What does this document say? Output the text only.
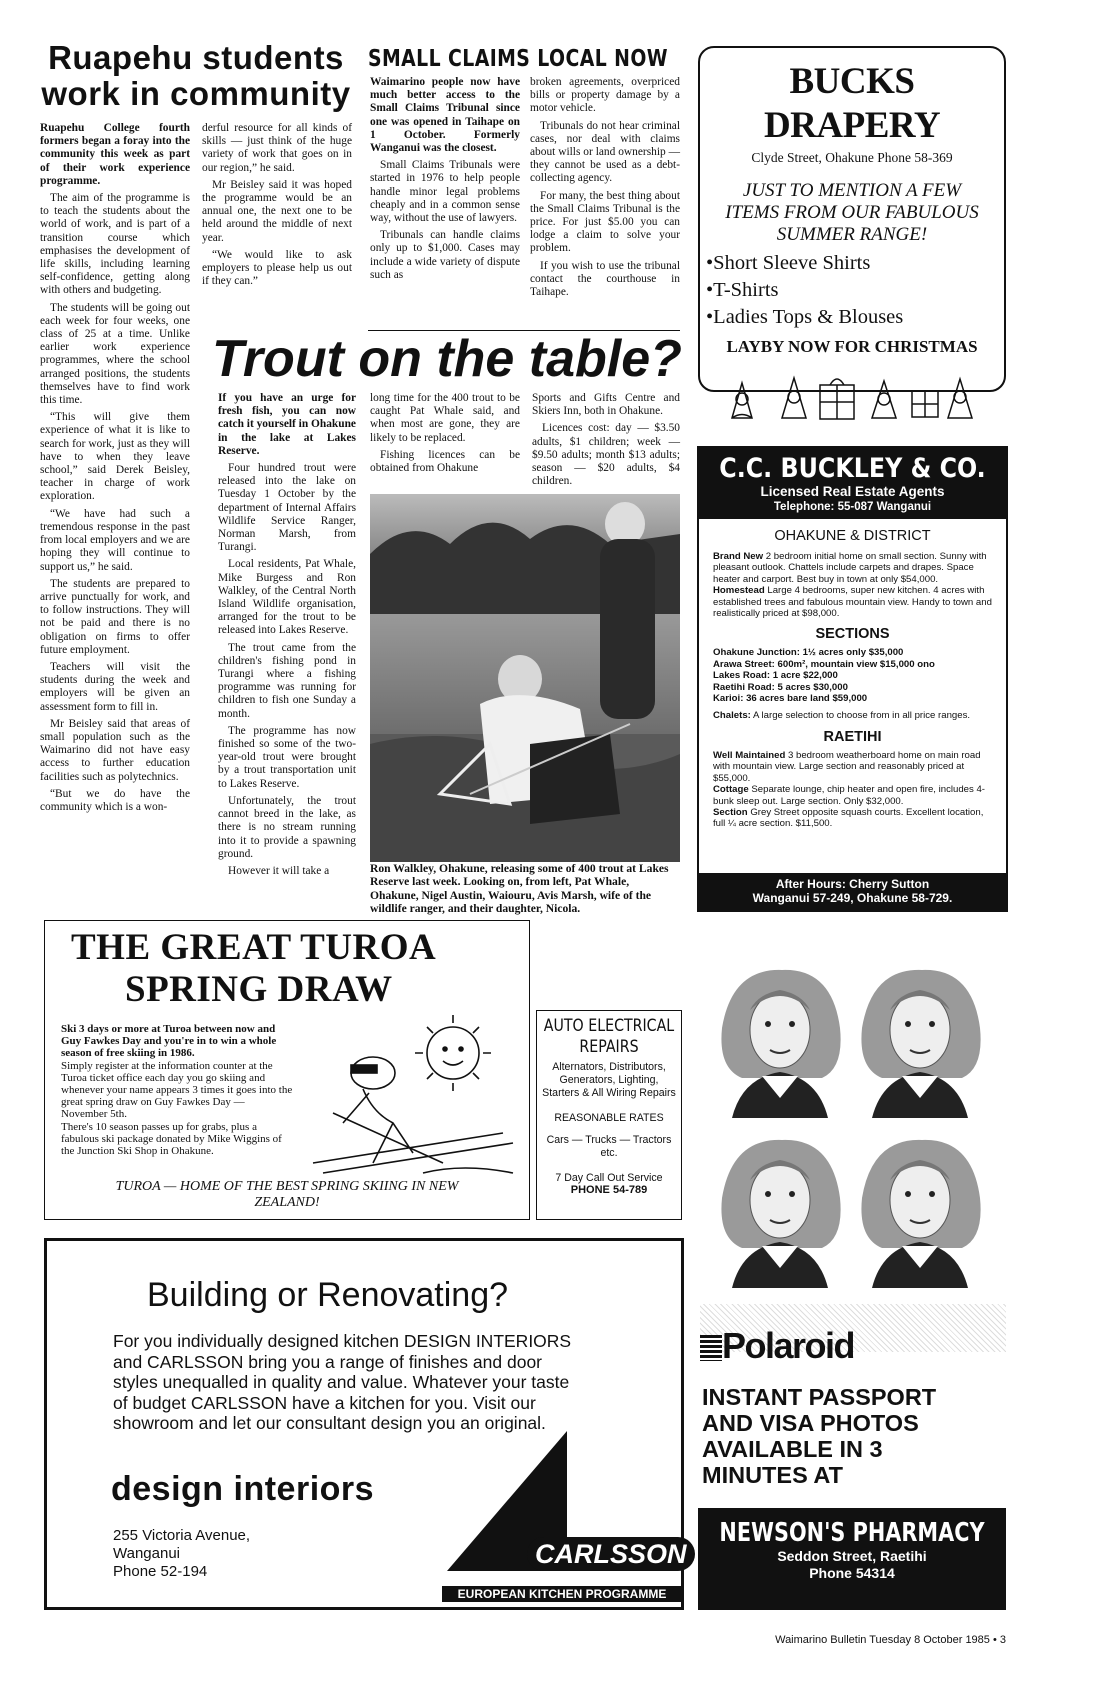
Ruapehu students
work in community

Ruapehu College fourth formers began a foray into the community this week as part of their work experience programme.

The aim of the programme is to teach the students about the world of work, and is part of a transition course which emphasises the development of life skills, including learning self-confidence, getting along with others and budgeting.

The students will be going out each week for four weeks, one class of 25 at a time. Unlike earlier work experience programmes, where the school arranged positions, the students themselves have to find work this time.

“This will give them experience of what it is like to search for work, just as they will have to when they leave school,” said Derek Beisley, teacher in charge of work exploration.

“We have had such a tremendous response in the past from local employers and we are hoping they will continue to support us,” he said.

The students are prepared to arrive punctually for work, and to follow instructions. They will not be paid and there is no obligation on firms to offer future employment.

Teachers will visit the students during the week and employers will be given an assessment form to fill in.

Mr Beisley said that areas of small population such as the Waimarino did not have easy access to further education facilities such as polytechnics.

“But we do have the community which is a won-

derful resource for all kinds of skills — just think of the huge variety of work that goes on in our region,” he said.

Mr Beisley said it was hoped the programme would be an annual one, the next one to be held around the middle of next year.

“We would like to ask employers to please help us out if they can.”

SMALL CLAIMS LOCAL NOW

Waimarino people now have much better access to the Small Claims Tribunal since one was opened in Taihape on 1 October. Formerly Wanganui was the closest.

Small Claims Tribunals were started in 1976 to help people handle minor legal problems cheaply and in a common sense way, without the use of lawyers.

Tribunals can handle claims only up to $1,000. Cases may include a wide variety of dispute such as

broken agreements, overpriced bills or property damage by a motor vehicle.

Tribunals do not hear criminal cases, nor deal with claims about wills or land ownership — they cannot be used as a debt-collecting agency.

For many, the best thing about the Small Claims Tribunal is the price. For just $5.00 you can lodge a claim to solve your problem.

If you wish to use the tribunal contact the courthouse in Taihape.

Trout on the table?

If you have an urge for fresh fish, you can now catch it yourself in Ohakune in the lake at Lakes Reserve.

Four hundred trout were released into the lake on Tuesday 1 October by the department of Internal Affairs Wildlife Service Ranger, Norman Marsh, from Turangi.

Local residents, Pat Whale, Mike Burgess and Ron Walkley, of the Central North Island Wildlife organisation, arranged for the trout to be released into Lakes Reserve.

The trout came from the children's fishing pond in Turangi where a fishing programme was running for children to fish one Sunday a month.

The programme has now finished so some of the two-year-old trout were brought by a trout transportation unit to Lakes Reserve.

Unfortunately, the trout cannot breed in the lake, as there is no stream running into it to provide a spawning ground.

However it will take a

long time for the 400 trout to be caught Pat Whale said, and when most are gone, they are likely to be replaced.

Fishing licences can be obtained from Ohakune

Sports and Gifts Centre and Skiers Inn, both in Ohakune.

Licences cost: day — $3.50 adults, $1 children; week — $9.50 adults; month $13 adults; season — $20 adults, $4 children.

Ron Walkley, Ohakune, releasing some of 400 trout at Lakes Reserve last week. Looking on, from left, Pat Whale, Ohakune, Nigel Austin, Waiouru, Avis Marsh, wife of the wildlife ranger, and their daughter, Nicola.
BUCKS DRAPERY
Clyde Street, Ohakune Phone 58-369
JUST TO MENTION A FEW ITEMS FROM OUR FABULOUS SUMMER RANGE!
•Short Sleeve Shirts
•T-Shirts
•Ladies Tops & Blouses
LAYBY NOW FOR CHRISTMAS
C.C. BUCKLEY & CO.
Licensed Real Estate Agents
Telephone: 55-087 Wanganui
OHAKUNE & DISTRICT
Brand New 2 bedroom initial home on small section. Sunny with pleasant outlook. Chattels include carpets and drapes. Space heater and carport. Best buy in town at only $54,000.
Homestead Large 4 bedrooms, super new kitchen. 4 acres with established trees and fabulous mountain view. Handy to town and realistically priced at $98,000.
SECTIONS
Ohakune Junction: 1½ acres only $35,000
Arawa Street: 600m², mountain view $15,000 ono
Lakes Road: 1 acre $22,000
Raetihi Road: 5 acres $30,000
Karioi: 36 acres bare land $59,000
Chalets: A large selection to choose from in all price ranges.
RAETIHI
Well Maintained 3 bedroom weatherboard home on main road with mountain view. Large section and reasonably priced at $55,000.
Cottage Separate lounge, chip heater and open fire, includes 4-bunk sleep out. Large section. Only $32,000.
Section Grey Street opposite squash courts. Excellent location, full ¼ acre section. $11,500.
After Hours: Cherry Sutton
Wanganui 57-249, Ohakune 58-729.
THE GREAT TUROA
SPRING DRAW

Ski 3 days or more at Turoa between now and Guy Fawkes Day and you're in to win a whole season of free skiing in 1986.

Simply register at the information counter at the Turoa ticket office each day you go skiing and whenever your name appears 3 times it goes into the great spring draw on Guy Fawkes Day — November 5th.

There's 10 season passes up for grabs, plus a fabulous ski package donated by Mike Wiggins of the Junction Ski Shop in Ohakune.

TUROA — HOME OF THE BEST SPRING SKIING IN NEW ZEALAND!
AUTO ELECTRICAL REPAIRS
Alternators, Distributors, Generators, Lighting, Starters & All Wiring Repairs
REASONABLE RATES
Cars — Trucks — Tractors etc.
7 Day Call Out Service
PHONE 54-789
Polaroid
INSTANT PASSPORT AND VISA PHOTOS AVAILABLE IN 3 MINUTES AT
NEWSON'S PHARMACY
Seddon Street, Raetihi
Phone 54314
Building or Renovating?
For you individually designed kitchen DESIGN INTERIORS and CARLSSON bring you a range of finishes and door styles unequalled in quality and value. Whatever your taste of budget CARLSSON have a kitchen for you. Visit our showroom and let our consultant design you an original.
design interiors
255 Victoria Avenue,
Wanganui
Phone 52-194
CARLSSON
EUROPEAN KITCHEN PROGRAMME
Waimarino Bulletin Tuesday 8 October 1985 • 3
